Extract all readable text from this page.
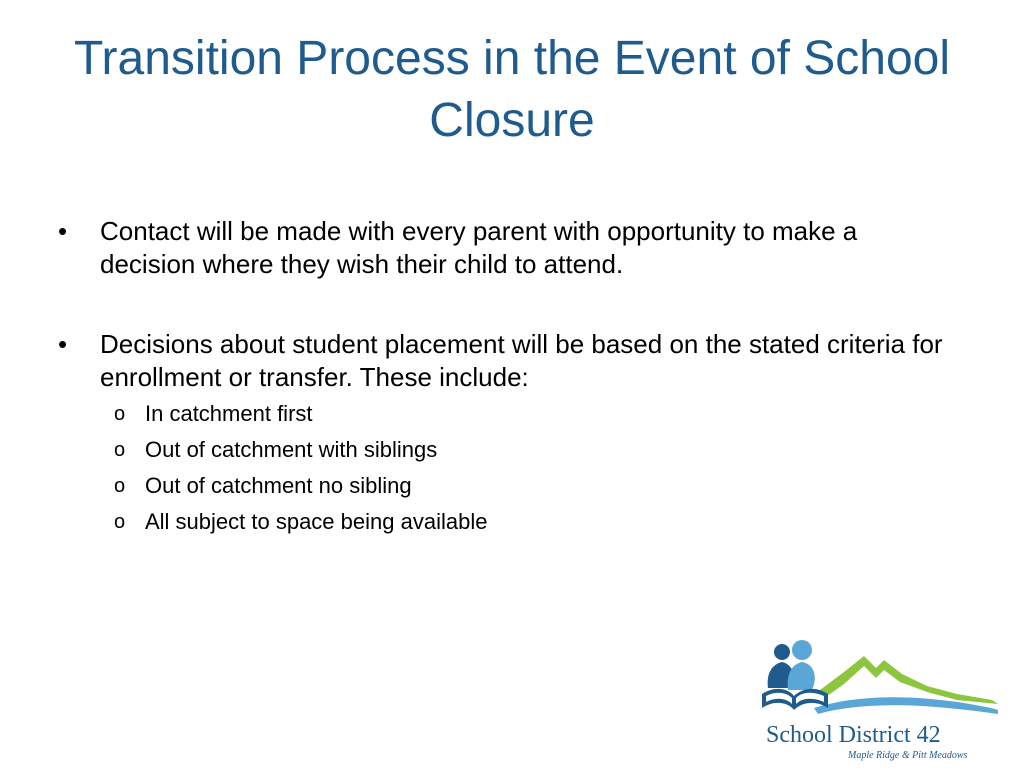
Transition Process in the Event of School Closure
• Contact will be made with every parent with opportunity to make a decision where they wish their child to attend.
• Decisions about student placement will be based on the stated criteria for enrollment or transfer. These include:
o In catchment first
o Out of catchment with siblings
o Out of catchment no sibling
o All subject to space being available
School District 42
Maple Ridge & Pitt Meadows
